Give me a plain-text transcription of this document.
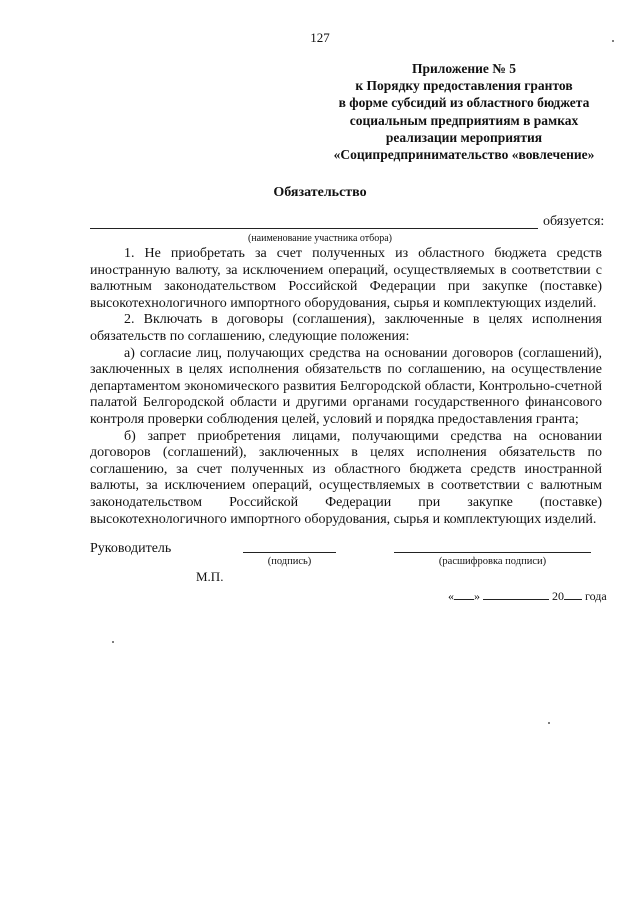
127
Приложение № 5
к Порядку предоставления грантов
в форме субсидий из областного бюджета
социальным предприятиям в рамках
реализации мероприятия
«Соципредпринимательство «вовлечение»
Обязательство
обязуется:
(наименование участника отбора)

1. Не приобретать за счет полученных из областного бюджета средств иностранную валюту, за исключением операций, осуществляемых в соответствии с валютным законодательством Российской Федерации при закупке (поставке) высокотехнологичного импортного оборудования, сырья и комплектующих изделий.

2. Включать в договоры (соглашения), заключенные в целях исполнения обязательств по соглашению, следующие положения:

а) согласие лиц, получающих средства на основании договоров (соглашений), заключенных в целях исполнения обязательств по соглашению, на осуществление департаментом экономического развития Белгородской области, Контрольно-счетной палатой Белгородской области и другими органами государственного финансового контроля проверки соблюдения целей, условий и порядка предоставления гранта;

б) запрет приобретения лицами, получающими средства на основании договоров (соглашений), заключенных в целях исполнения обязательств по соглашению, за счет полученных из областного бюджета средств иностранной валюты, за исключением операций, осуществляемых в соответствии с валютным законодательством Российской Федерации при закупке (поставке) высокотехнологичного импортного оборудования, сырья и комплектующих изделий.

Руководитель
(подпись)	(расшифровка подписи)
М.П.
« »	20 года
